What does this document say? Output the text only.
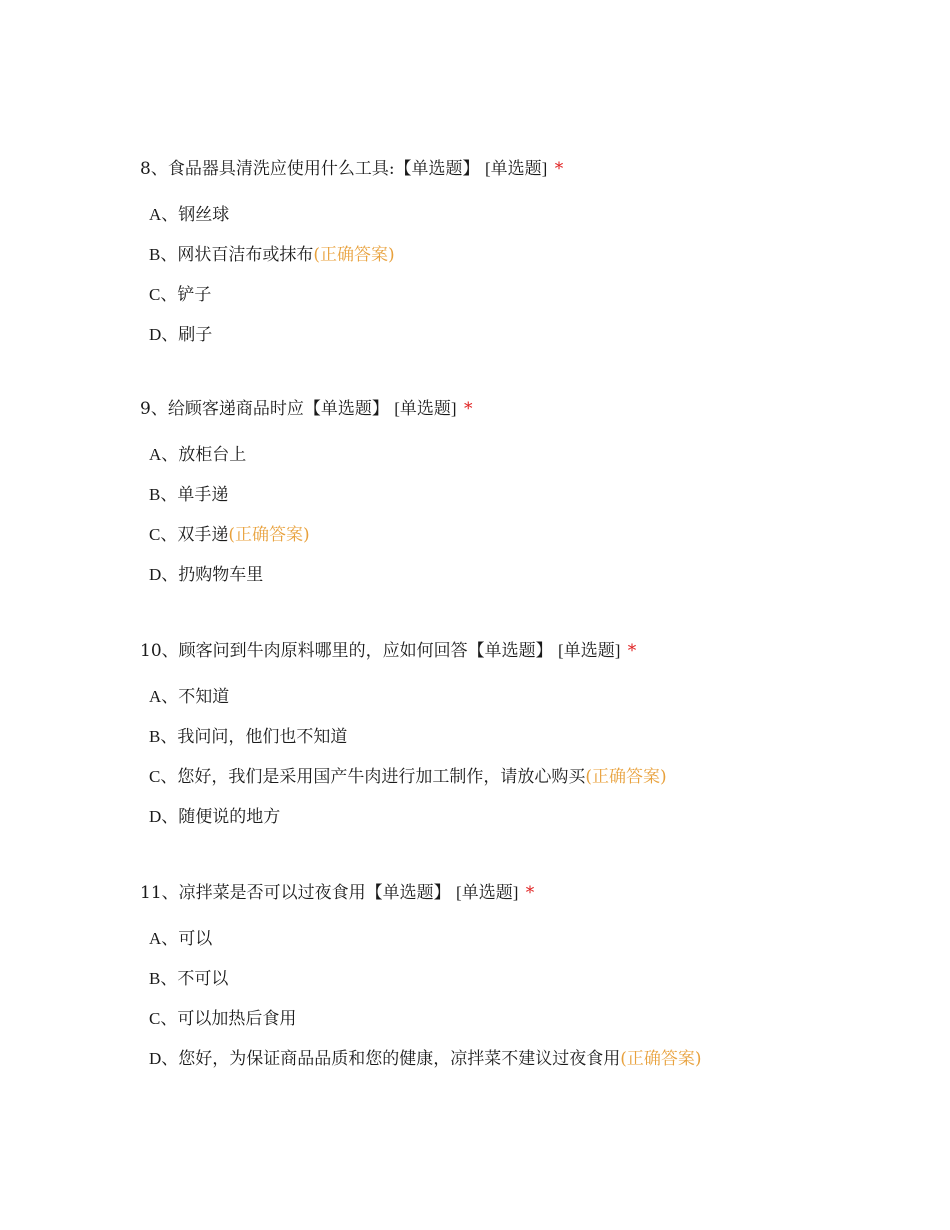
8、食品器具清洗应使用什么工具:【单选题】 [单选题] *
A、钢丝球
B、网状百洁布或抹布(正确答案)
C、铲子
D、刷子
9、给顾客递商品时应【单选题】 [单选题] *
A、放柜台上
B、单手递
C、双手递(正确答案)
D、扔购物车里
10、顾客问到牛肉原料哪里的，应如何回答【单选题】 [单选题] *
A、不知道
B、我问问，他们也不知道
C、您好，我们是采用国产牛肉进行加工制作，请放心购买(正确答案)
D、随便说的地方
11、凉拌菜是否可以过夜食用【单选题】 [单选题] *
A、可以
B、不可以
C、可以加热后食用
D、您好，为保证商品品质和您的健康，凉拌菜不建议过夜食用(正确答案)
